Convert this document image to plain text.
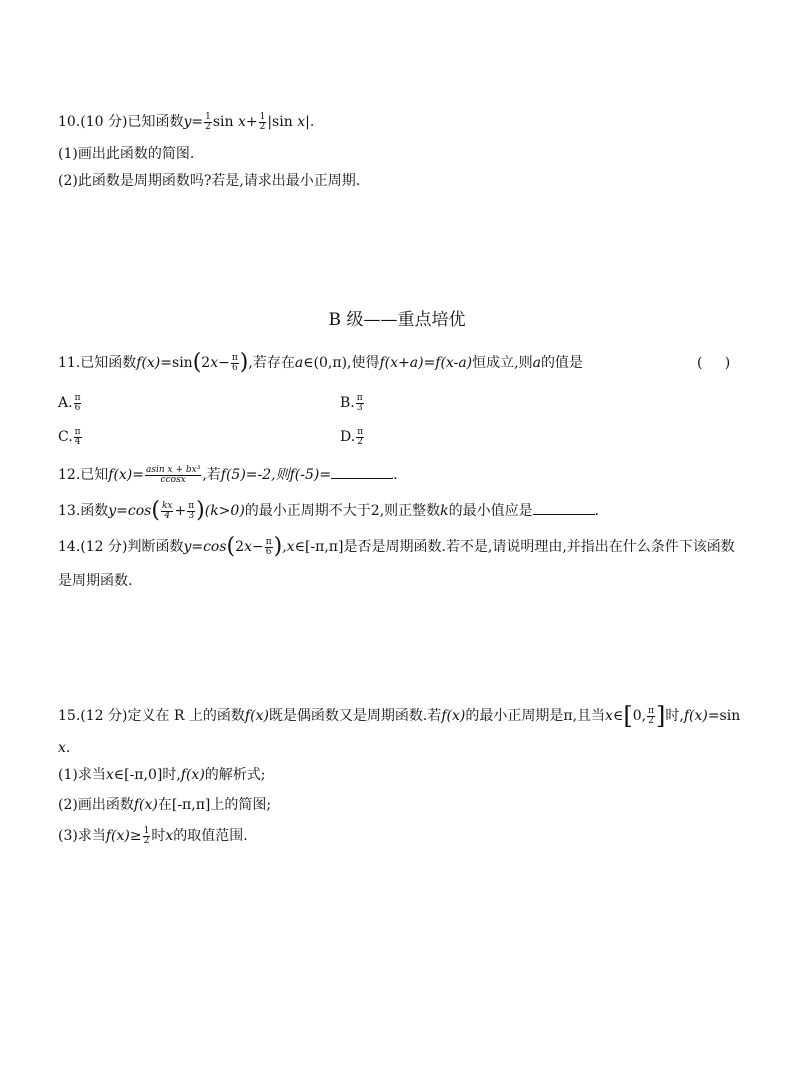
10.(10 分)已知函数$y= \frac{1}{2}$ $\sin x+ \frac{1}{2} |\sin$ x|.
(1)画出此函数的简图.
(2)此函数是周期函数吗?若是,请求出最小正周期.
B 级——重点培优
11.已知函数$f(x)=\sin(2x- \frac{\pi}{6}$ ),若存在a∈(0,π),使得f(x+a)=f(x-a)恒成立,则a的值是	(     )
A. $\frac{\pi}{6}$	B. $\frac{\pi}{3}$
C. $\frac{\pi}{4}$	D. $\frac{\pi}{2}$
12.已知$f(x)= \frac{\text{asin x + bx³}}{ccosx}$ ,若f(5)=-2,则f(-5)=	.
13.函数$y=\cos( \frac{kx}{4} + \frac{\pi}{3} )(k>0)$的最小正周期不大于2,则正整数k的最小值应是	.
14.(12 分)判断函数$y=\cos(2x- \frac{\pi}{6}$ ),x∈[-π,π]是否是周期函数.若不是,请说明理由,并指出在什么条件下该函数
是周期函数.
15.(12 分)定义在 R 上的函数f(x)既是偶函数又是周期函数.若f(x)的最小正周期是π,且当x∈[0, $\frac{\pi}{2}$ ]时,f(x)=sin
x.
(1)求当x∈[-π,0]时,f(x)的解析式;
(2)画出函数f(x)在[-π,π]上的简图;
(3)求当$f(x)\ge \frac{1}{2}$ 时x的取值范围.
